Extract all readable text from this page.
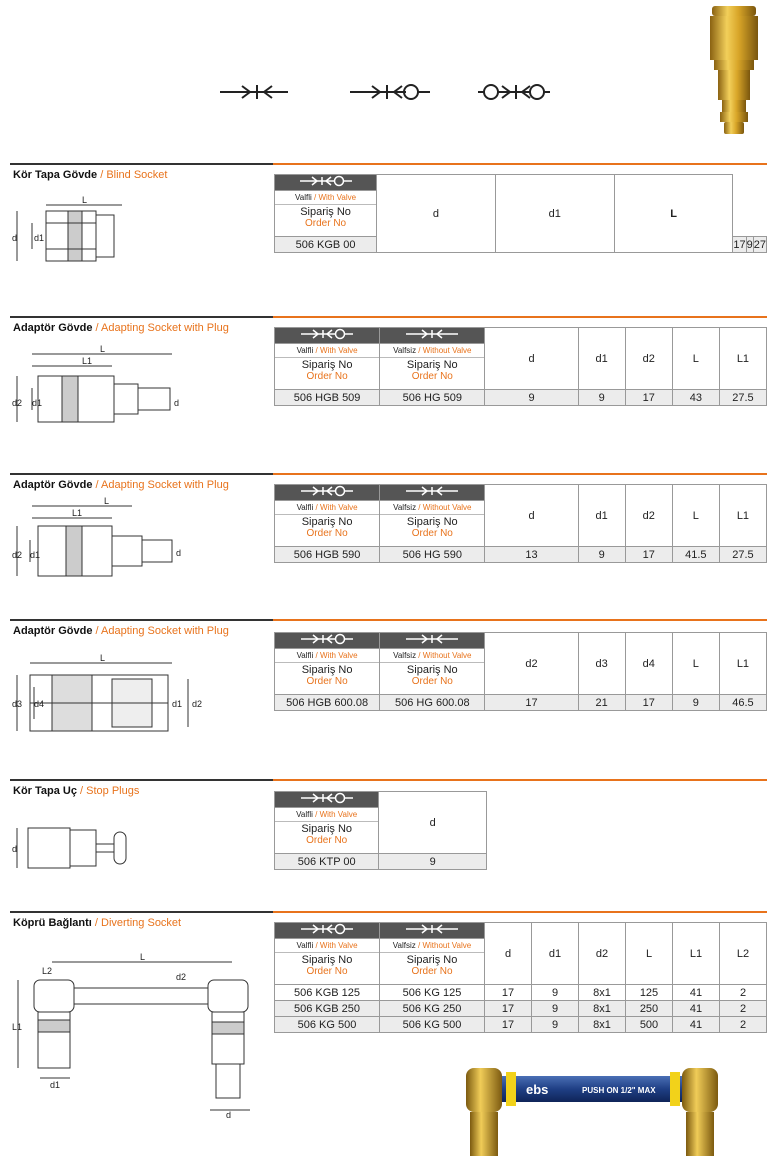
Kör Tapa Gövde / Blind Socket
Adaptör Gövde / Adapting Socket with Plug
Adaptör Gövde / Adapting Socket with Plug
Adaptör Gövde / Adapting Socket with Plug
Kör Tapa Uç / Stop Plugs
Köprü Bağlantı / Diverting Socket
	d	d1	L			

Valfli / With Valve
Sipariş No
Order No						

506 KGB 00				17	9	27
		d	d1	d2	L	L1

Valfli / With Valve
Sipariş No
Order No	Valfsiz / Without Valve
Sipariş No
Order No					

506 HGB 509	506 HG 509	9	9	17	43	27.5
		d	d1	d2	L	L1

Valfli / With Valve
Sipariş No
Order No	Valfsiz / Without Valve
Sipariş No
Order No					

506 HGB 590	506 HG 590	13	9	17	41.5	27.5
		d2	d3	d4	L	L1

Valfli / With Valve
Sipariş No
Order No	Valfsiz / Without Valve
Sipariş No
Order No					

506 HGB 600.08	506 HG 600.08	17	21	17	9	46.5
	d

Valfli / With Valve
Sipariş No
Order No	

506 KTP 00	9
		d	d1	d2	L	L1	L2

Valfli / With Valve
Sipariş No
Order No	Valfsiz / Without Valve
Sipariş No
Order No						

506 KGB 125	506 KG 125	17	9	8x1	125	41	2
506 KGB 250	506 KG 250	17	9	8x1	250	41	2
506 KG 500	506 KG 500	17	9	8x1	500	41	2
L
d d1
L
L1
d2 d1	d
L
L1
d2 d1	d
L
d3 d4	d1 d2
d
L
L2
d2
L1
d1
d
ebs	PUSH ON 1/2" MAX
